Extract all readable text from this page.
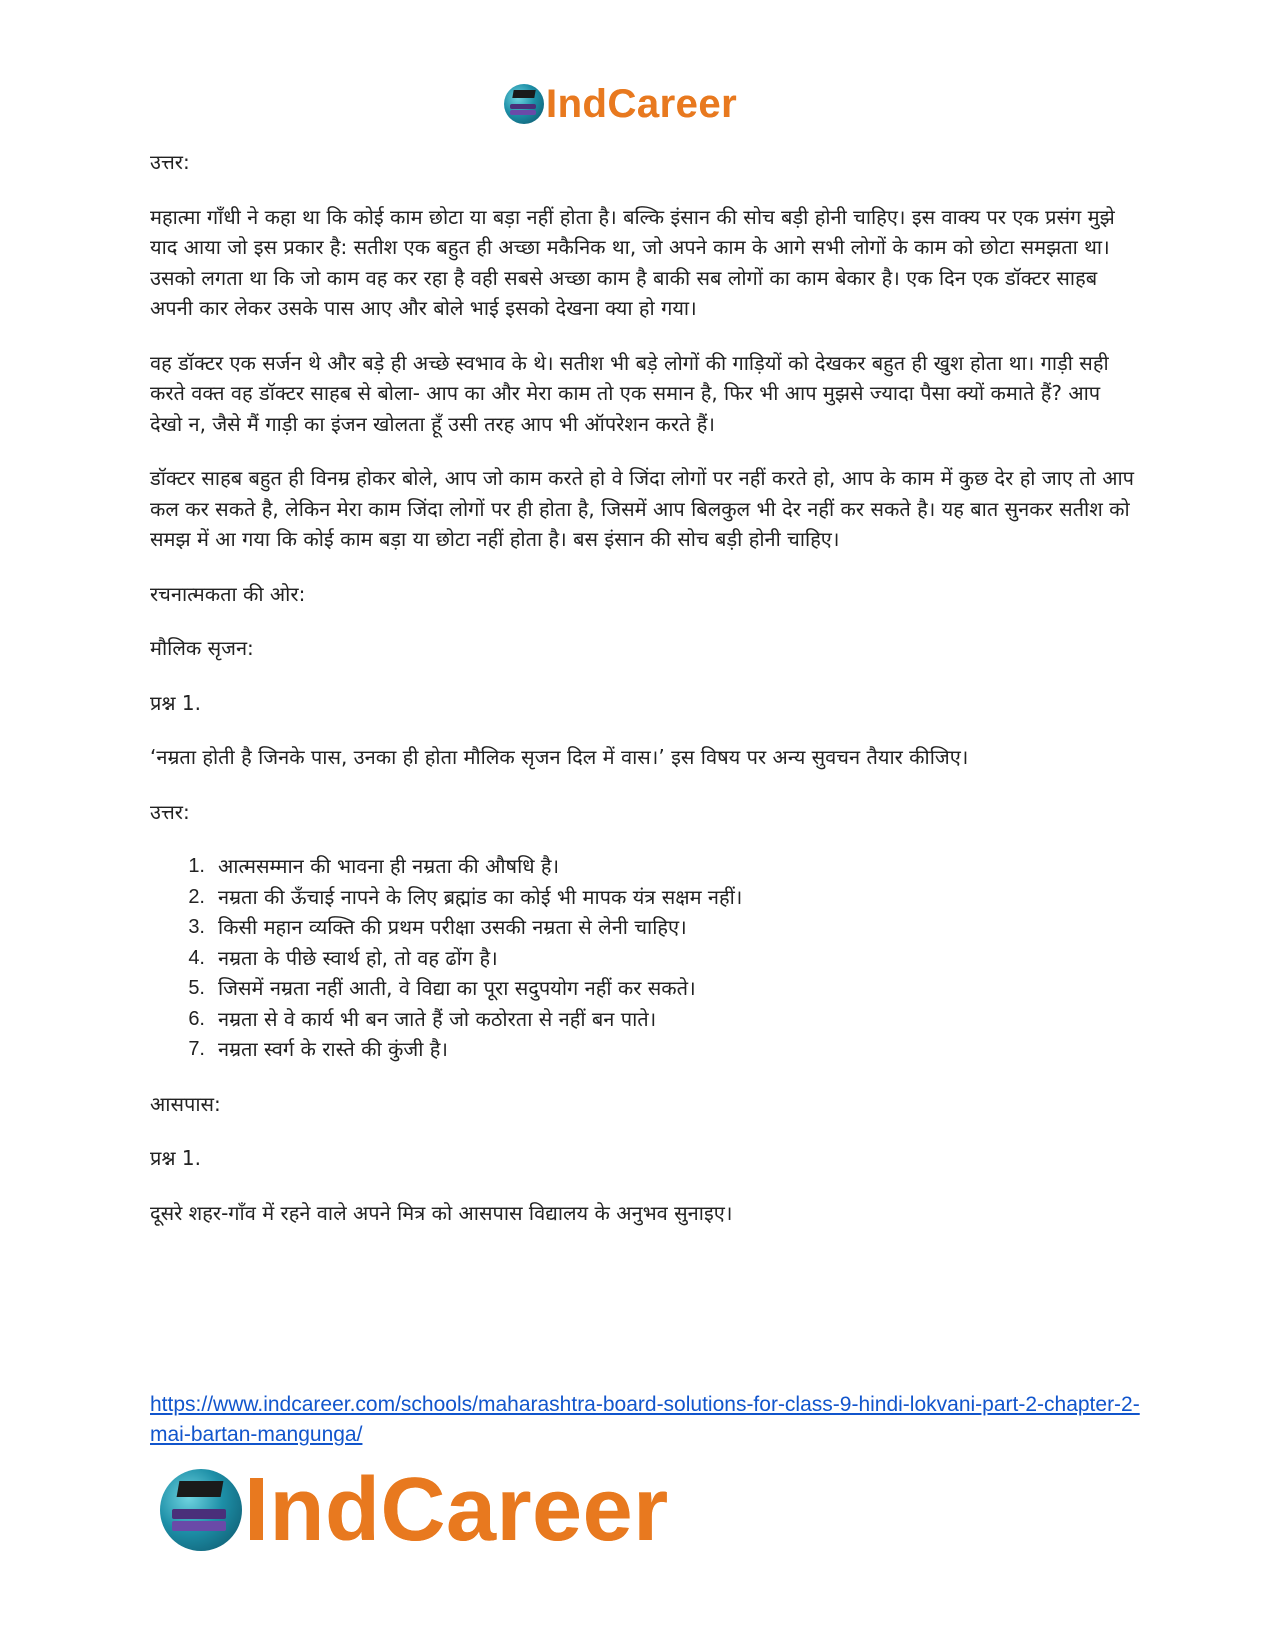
IndCareer

उत्तर:

महात्मा गाँधी ने कहा था कि कोई काम छोटा या बड़ा नहीं होता है। बल्कि इंसान की सोच बड़ी होनी चाहिए। इस वाक्य पर एक प्रसंग मुझे याद आया जो इस प्रकार है: सतीश एक बहुत ही अच्छा मकैनिक था, जो अपने काम के आगे सभी लोगों के काम को छोटा समझता था। उसको लगता था कि जो काम वह कर रहा है वही सबसे अच्छा काम है बाकी सब लोगों का काम बेकार है। एक दिन एक डॉक्टर साहब अपनी कार लेकर उसके पास आए और बोले भाई इसको देखना क्या हो गया।

वह डॉक्टर एक सर्जन थे और बड़े ही अच्छे स्वभाव के थे। सतीश भी बड़े लोगों की गाड़ियों को देखकर बहुत ही खुश होता था। गाड़ी सही करते वक्त वह डॉक्टर साहब से बोला- आप का और मेरा काम तो एक समान है, फिर भी आप मुझसे ज्यादा पैसा क्यों कमाते हैं? आप देखो न, जैसे मैं गाड़ी का इंजन खोलता हूँ उसी तरह आप भी ऑपरेशन करते हैं।

डॉक्टर साहब बहुत ही विनम्र होकर बोले, आप जो काम करते हो वे जिंदा लोगों पर नहीं करते हो, आप के काम में कुछ देर हो जाए तो आप कल कर सकते है, लेकिन मेरा काम जिंदा लोगों पर ही होता है, जिसमें आप बिलकुल भी देर नहीं कर सकते है। यह बात सुनकर सतीश को समझ में आ गया कि कोई काम बड़ा या छोटा नहीं होता है। बस इंसान की सोच बड़ी होनी चाहिए।

रचनात्मकता की ओर:

मौलिक सृजन:

प्रश्न 1.

‘नम्रता होती है जिनके पास, उनका ही होता मौलिक सृजन दिल में वास।’ इस विषय पर अन्य सुवचन तैयार कीजिए।

उत्तर:

1. आत्मसम्मान की भावना ही नम्रता की औषधि है।
2. नम्रता की ऊँचाई नापने के लिए ब्रह्मांड का कोई भी मापक यंत्र सक्षम नहीं।
3. किसी महान व्यक्ति की प्रथम परीक्षा उसकी नम्रता से लेनी चाहिए।
4. नम्रता के पीछे स्वार्थ हो, तो वह ढोंग है।
5. जिसमें नम्रता नहीं आती, वे विद्या का पूरा सदुपयोग नहीं कर सकते।
6. नम्रता से वे कार्य भी बन जाते हैं जो कठोरता से नहीं बन पाते।
7. नम्रता स्वर्ग के रास्ते की कुंजी है।

आसपास:

प्रश्न 1.

दूसरे शहर-गाँव में रहने वाले अपने मित्र को आसपास विद्यालय के अनुभव सुनाइए।

https://www.indcareer.com/schools/maharashtra-board-solutions-for-class-9-hindi-lokvani-part-2-chapter-2-mai-bartan-mangunga/
IndCareer
